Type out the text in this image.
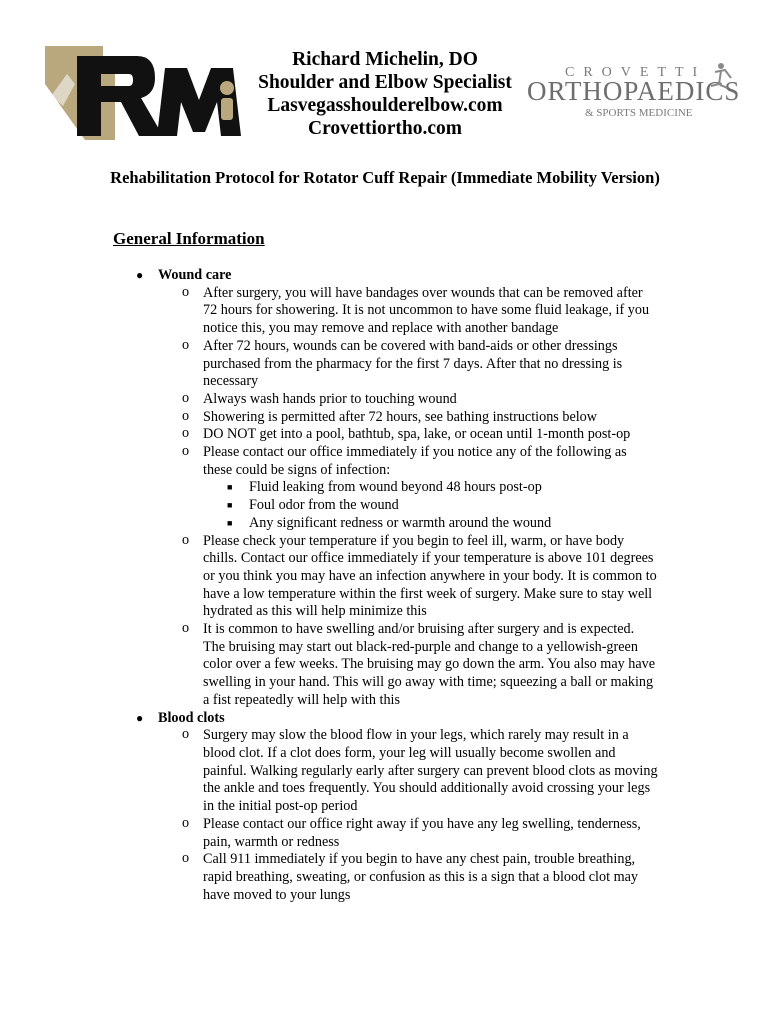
Richard Michelin, DO
Shoulder and Elbow Specialist
Lasvegasshoulderelbow.com
Crovettiortho.com
CROVETTI
ORTHOPAEDICS
& SPORTS MEDICINE
Rehabilitation Protocol for Rotator Cuff Repair (Immediate Mobility Version)
General Information
● Wound care
o After surgery, you will have bandages over wounds that can be removed after 72 hours for showering. It is not uncommon to have some fluid leakage, if you notice this, you may remove and replace with another bandage
o After 72 hours, wounds can be covered with band-aids or other dressings purchased from the pharmacy for the first 7 days. After that no dressing is necessary
o Always wash hands prior to touching wound
o Showering is permitted after 72 hours, see bathing instructions below
o DO NOT get into a pool, bathtub, spa, lake, or ocean until 1-month post-op
o Please contact our office immediately if you notice any of the following as these could be signs of infection:
■ Fluid leaking from wound beyond 48 hours post-op
■ Foul odor from the wound
■ Any significant redness or warmth around the wound
o Please check your temperature if you begin to feel ill, warm, or have body chills. Contact our office immediately if your temperature is above 101 degrees or you think you may have an infection anywhere in your body. It is common to have a low temperature within the first week of surgery. Make sure to stay well hydrated as this will help minimize this
o It is common to have swelling and/or bruising after surgery and is expected. The bruising may start out black-red-purple and change to a yellowish-green color over a few weeks. The bruising may go down the arm. You also may have swelling in your hand. This will go away with time; squeezing a ball or making a fist repeatedly will help with this
● Blood clots
o Surgery may slow the blood flow in your legs, which rarely may result in a blood clot. If a clot does form, your leg will usually become swollen and painful. Walking regularly early after surgery can prevent blood clots as moving the ankle and toes frequently. You should additionally avoid crossing your legs in the initial post-op period
o Please contact our office right away if you have any leg swelling, tenderness, pain, warmth or redness
o Call 911 immediately if you begin to have any chest pain, trouble breathing, rapid breathing, sweating, or confusion as this is a sign that a blood clot may have moved to your lungs
